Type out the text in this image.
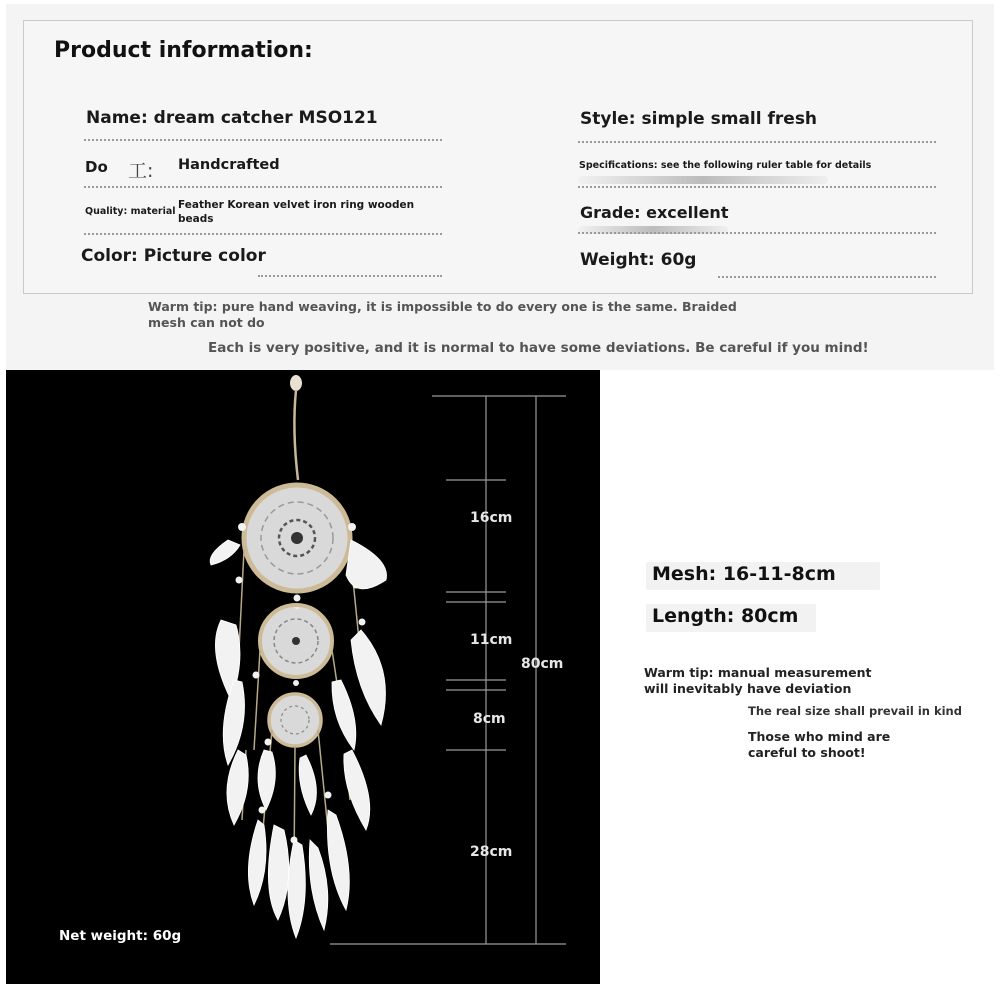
Product information:
Name: dream catcher MSO121
Do 工: Handcrafted
Quality: material
Feather Korean velvet iron ring wooden beads
Color: Picture color
Style: simple small fresh
Specifications: see the following ruler table for details
Grade: excellent
Weight: 60g
Warm tip: pure hand weaving, it is impossible to do every one is the same. Braided mesh can not do
Each is very positive, and it is normal to have some deviations. Be careful if you mind!
16cm
11cm
8cm
28cm
80cm
Net weight: 60g
Mesh: 16-11-8cm
Length: 80cm
Warm tip: manual measurement will inevitably have deviation
The real size shall prevail in kind
Those who mind are careful to shoot!
